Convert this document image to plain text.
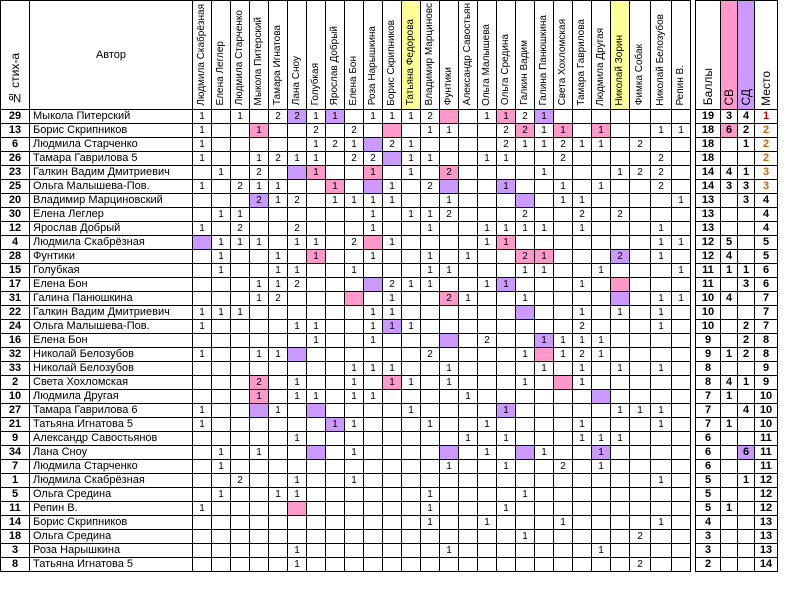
№ стих-а	Автор	Людмила Скабрёзная	Елена Леглер	Людмила Старченко	Мыкола Питерский	Тамара Игнатова	Лана Сноу	Голубкая	Ярослав Добрый	Елена Бон	Роза Нарышкина	Борис Скрипников	Татьяна Федорова	Владимир Марциновс	Фунтики	Александр Савостьян	Ольга Малышева	Ольга Средина	Галкин Вадим	Галина Панюшкина	Света Хохломская	Тамара Гаврилова	Людмила Другая	Николай Зорин	Фимка Собак	Николай Белозубов	Репин В.		Баллы	СВ	СД	Место
29	Мыкола Питерский	1		1		2	2	1	1		1	1	1	2			1	1	2	1									19	3	4	1
13	Борис Скрипников	1			1			2		2				1	1			2	2	1	1		1			1	1		18	6	2	2
6	Людмила Старченко	1						1	2	1		2	1					2	1	1	2	1	1		2				18		1	2
26	Тамара Гаврилова 5	1			1	2	1	1		2	2		1	1			1	1			2					2			18			2
23	Галкин Вадим Дмитриевич		1		2			1			1		1		2					1				1	2	2			14	4	1	3
25	Ольга Малышева-Пов.	1		2	1	1			1			1		2				1			1		1			2			14	3	3	3
20	Владимир Марциновский				2	1	2		1	1	1	1			1						1	1					1		13		3	4
30	Елена Леглер		1	1							1		1	1	2				2			2		2					13			4
12	Ярослав Добрый	1		2			2				1			1			1	1	1	1		1				1			13			4
4	Людмила Скабрёзная		1	1	1		1	1		2		1					1	1								1	1		12	5		5
28	Фунтики		1			1		1			1			1		1			2	1				2		1			12	4		5
15	Голубкая		1			1	1			1				1	1				1	1			1				1		11	1	1	6
17	Елена Бон				1	1	2					2	1	1			1	1				1							11		3	6
31	Галина Панюшкина				1	2						1			2	1			1							1	1		10	4		7
22	Галкин Вадим Дмитриевич	1	1	1							1	1										1		1		1			10			7
24	Ольга Малышева-Пов.	1					1	1			1	1	1									2				1			10		2	7
16	Елена Бон							1			1						2			1	1	1	1						9		2	8
32	Николай Белозубов	1			1	1								2					1		1	2	1						9	1	2	8
33	Николай Белозубов									1	1	1			1					1		1		1		1			8			9
2	Света Хохломская				2		1			1		1	1		1				1			1							8	4	1	9
10	Людмила Другая				1		1	1		1	1					1													7	1		10
27	Тамара Гаврилова 6	1				1							1					1						1	1	1			7		4	10
21	Татьяна Игнатова 5	1							1	1				1			1					1				1			7	1		10
9	Александр Савостьянов						1									1		1				1	1	1					6			11
34	Лана Сноу		1		1					1							1			1			1						6		6	11
7	Людмила Старченко		1												1			1			2		1						6			11
1	Людмила Скабрёзная			2			1			1																1			5		1	12
5	Ольга Средина		1			1	1							1					1										5			12
11	Репин В.	1												1				1											5	1		12
14	Борис Скрипников													1			1				1					1			4			13
18	Ольга Средина																		1						2				3			13
3	Роза Нарышкина						1								1								1						3			13
8	Татьяна Игнатова 5						1																		2				2			14
